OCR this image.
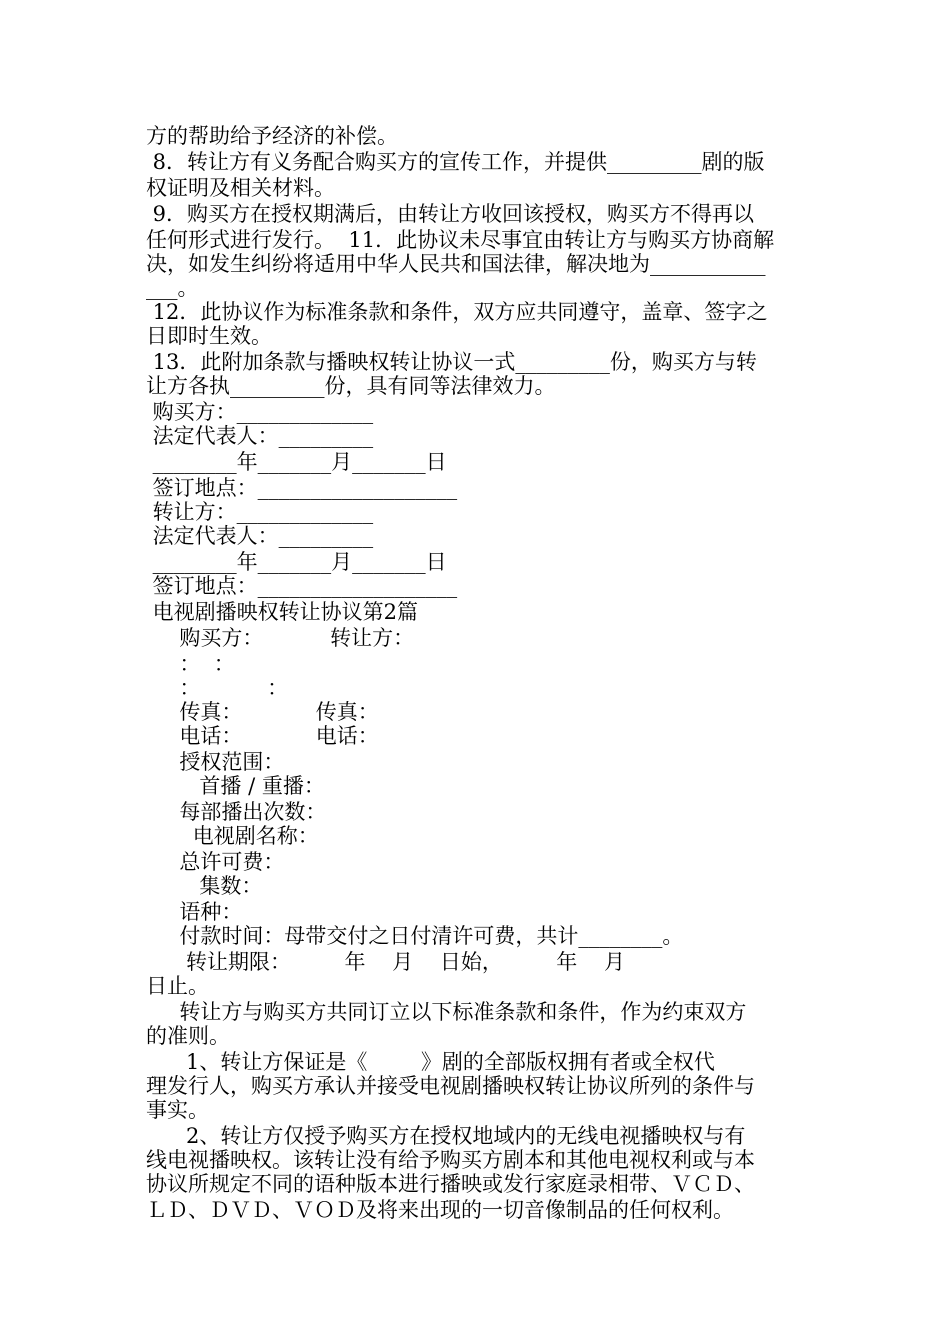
方的帮助给予经济的补偿。
8．转让方有义务配合购买方的宣传工作，并提供_________剧的版
权证明及相关材料。
9．购买方在授权期满后，由转让方收回该授权，购买方不得再以
任何形式进行发行。  11．此协议未尽事宜由转让方与购买方协商解
决，如发生纠纷将适用中华人民共和国法律，解决地为___________
___。
12．此协议作为标准条款和条件，双方应共同遵守，盖章、签字之
日即时生效。
13．此附加条款与播映权转让协议一式_________份，购买方与转
让方各执_________份，具有同等法律效力。
购买方：_____________
法定代表人：_________
________年_______月_______日
签订地点：___________________
转让方：_____________
法定代表人：_________
________年_______月_______日
签订地点：___________________
电视剧播映权转让协议第2篇
购买方：          转让方：
：  ：
：          ：
传真：           传真：
电话：           电话：
授权范围：
首播 / 重播：
每部播出次数：
电视剧名称：
总许可费：
集数：
语种：
付款时间：母带交付之日付清许可费，共计________。
转让期限：        年    月    日始，        年    月
日止。
转让方与购买方共同订立以下标准条款和条件，作为约束双方
的准则。
1、转让方保证是《        》剧的全部版权拥有者或全权代
理发行人，购买方承认并接受电视剧播映权转让协议所列的条件与
事实。
2、转让方仅授予购买方在授权地域内的无线电视播映权与有
线电视播映权。该转让没有给予购买方剧本和其他电视权利或与本
协议所规定不同的语种版本进行播映或发行家庭录相带、ＶＣＤ、
ＬＤ、ＤＶＤ、ＶＯＤ及将来出现的一切音像制品的任何权利。
